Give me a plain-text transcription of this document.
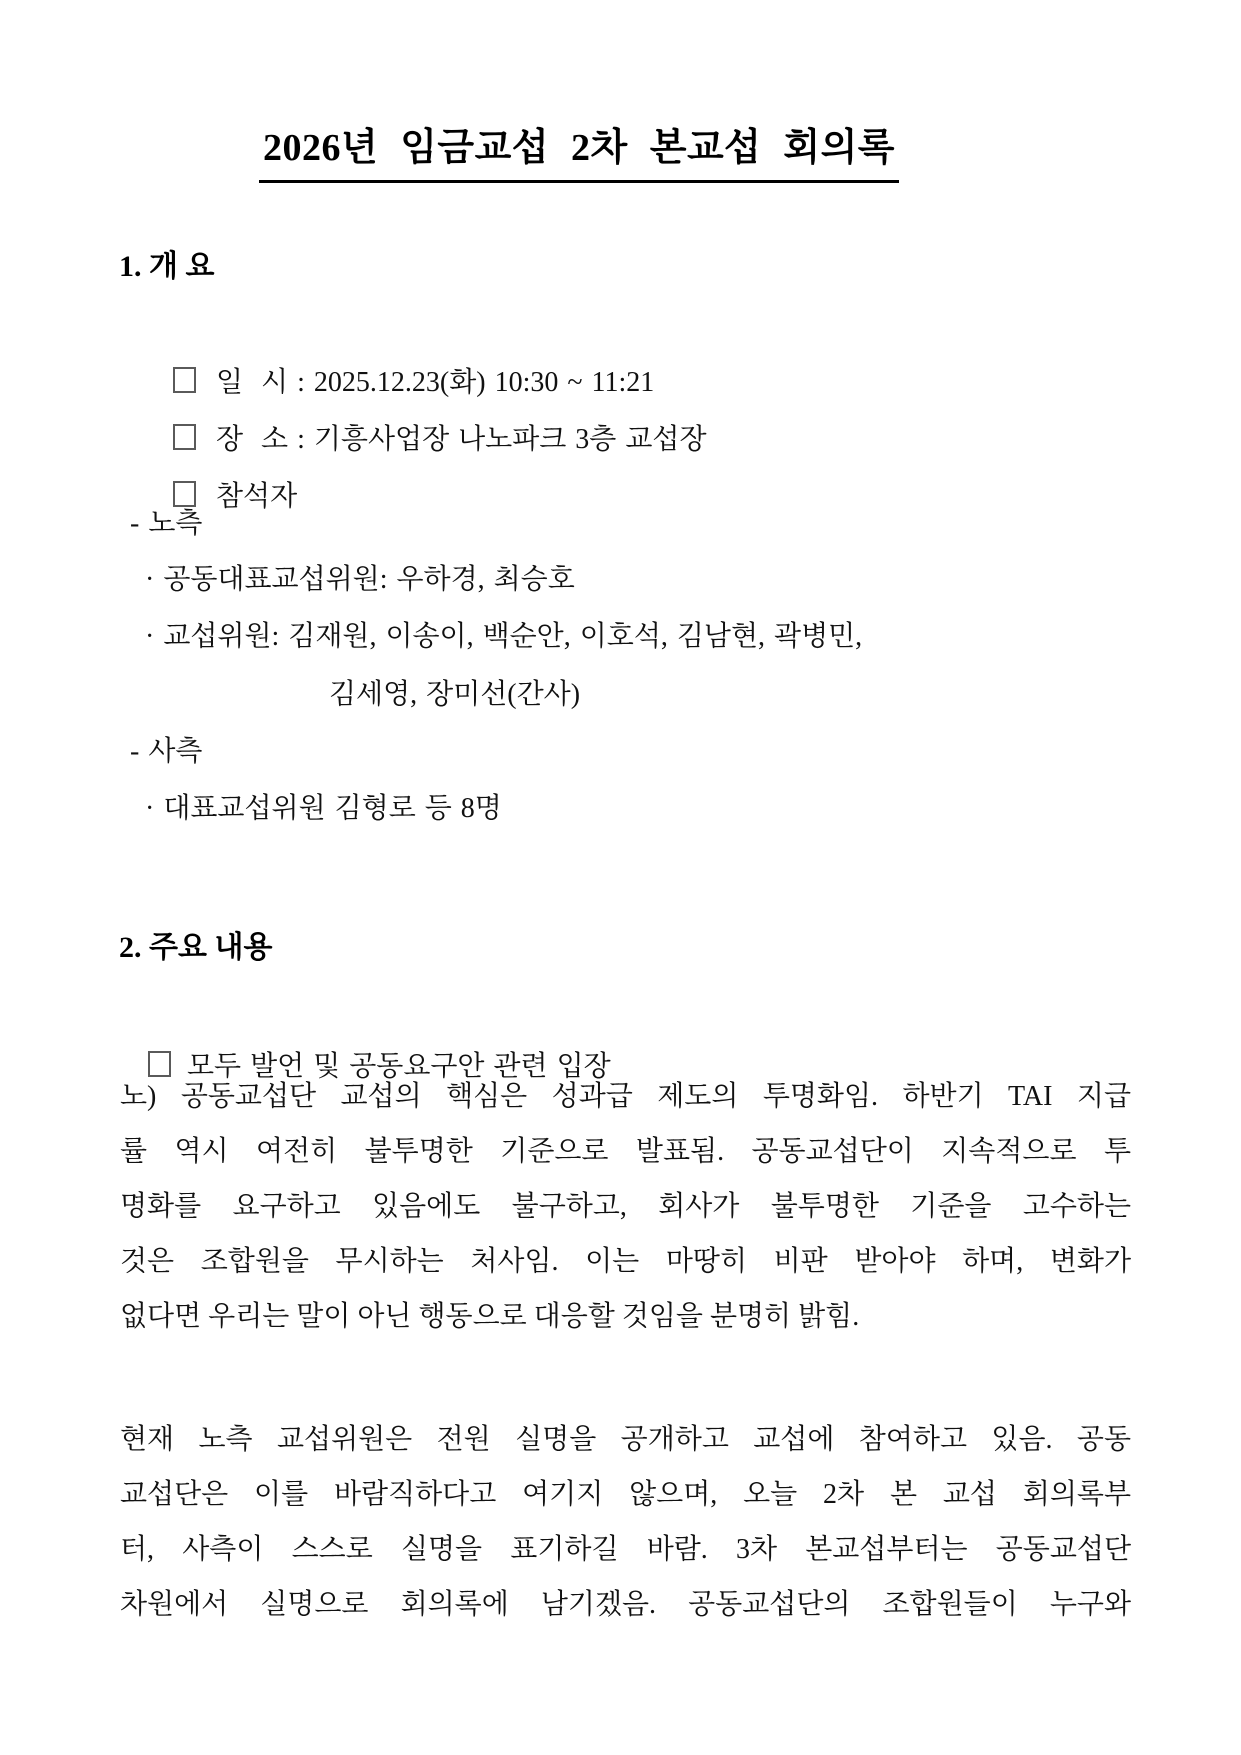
2026년 임금교섭 2차 본교섭 회의록
1. 개 요

일  시 : 2025.12.23(화) 10:30 ~ 11:21

장  소 : 기흥사업장 나노파크 3층 교섭장

참석자

- 노측
· 공동대표교섭위원: 우하경, 최승호
· 교섭위원: 김재원, 이송이, 백순안, 이호석, 김남현, 곽병민,
김세영, 장미선(간사)
- 사측
· 대표교섭위원 김형로 등 8명
2. 주요 내용

모두 발언 및 공동요구안 관련 입장

노) 공동교섭단 교섭의 핵심은 성과급 제도의 투명화임. 하반기 TAI 지급
률 역시 여전히 불투명한 기준으로 발표됨. 공동교섭단이 지속적으로 투
명화를 요구하고 있음에도 불구하고, 회사가 불투명한 기준을 고수하는
것은 조합원을 무시하는 처사임. 이는 마땅히 비판 받아야 하며, 변화가
없다면 우리는 말이 아닌 행동으로 대응할 것임을 분명히 밝힘.
현재 노측 교섭위원은 전원 실명을 공개하고 교섭에 참여하고 있음. 공동
교섭단은 이를 바람직하다고 여기지 않으며, 오늘 2차 본 교섭 회의록부
터, 사측이 스스로 실명을 표기하길 바람. 3차 본교섭부터는 공동교섭단
차원에서 실명으로 회의록에 남기겠음. 공동교섭단의 조합원들이 누구와
